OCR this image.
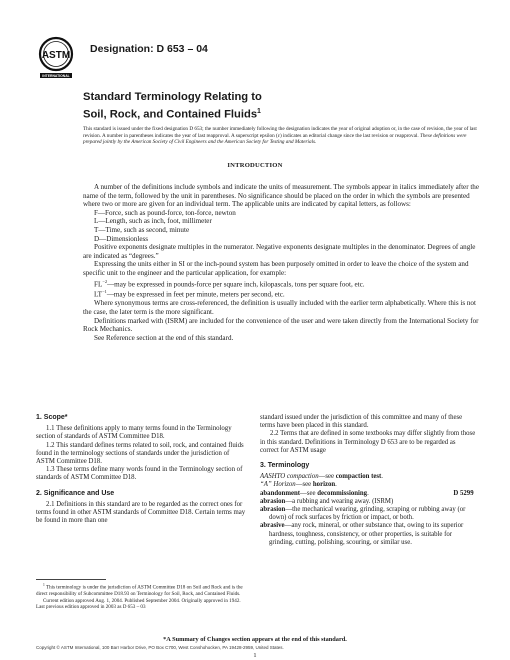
ASTM
INTERNATIONAL
Designation: D 653 – 04
Standard Terminology Relating to
Soil, Rock, and Contained Fluids$^1$
This standard is issued under the fixed designation D 653; the number immediately following the designation indicates the year of original adoption or, in the case of revision, the year of last revision. A number in parentheses indicates the year of last reapproval. A superscript epsilon (ε) indicates an editorial change since the last revision or reapproval. These definitions were prepared jointly by the American Society of Civil Engineers and the American Society for Testing and Materials.
INTRODUCTION

A number of the definitions include symbols and indicate the units of measurement. The symbols appear in italics immediately after the name of the term, followed by the unit in parentheses. No significance should be placed on the order in which the symbols are presented where two or more are given for an individual term. The applicable units are indicated by capital letters, as follows:

F—Force, such as pound-force, ton-force, newton

L—Length, such as inch, foot, millimeter

T—Time, such as second, minute

D—Dimensionless

Positive exponents designate multiples in the numerator. Negative exponents designate multiples in the denominator. Degrees of angle are indicated as “degrees.”

Expressing the units either in SI or the inch-pound system has been purposely omitted in order to leave the choice of the system and specific unit to the engineer and the particular application, for example:

$FL^{-2}—may$ be expressed in pounds-force per square inch, kilopascals, tons per square foot, etc.

$LT^{-1}—may$ be expressed in feet per minute, meters per second, etc.

Where synonymous terms are cross-referenced, the definition is usually included with the earlier term alphabetically. Where this is not the case, the later term is the more significant.

Definitions marked with (ISRM) are included for the convenience of the user and were taken directly from the International Society for Rock Mechanics.

See Reference section at the end of this standard.

1. Scope*

1.1 These definitions apply to many terms found in the Terminology section of standards of ASTM Committee D18.

1.2 This standard defines terms related to soil, rock, and contained fluids found in the terminology sections of standards under the jurisdiction of ASTM Committee D18.

1.3 These terms define many words found in the Terminology section of standards of ASTM Committee D18.

2. Significance and Use

2.1 Definitions in this standard are to be regarded as the correct ones for terms found in other ASTM standards of Committee D18. Certain terms may be found in more than one

standard issued under the jurisdiction of this committee and many of these terms have been placed in this standard.

2.2 Terms that are defined in some textbooks may differ slightly from those in this standard. Definitions in Terminology D 653 are to be regarded as correct for ASTM usage

3. Terminology

AASHTO compaction—see compaction test.

“A” Horizon—see horizon.

abandonment—see decommissioning.	D 5299

abrasion—a rubbing and wearing away. (ISRM)

abrasion—the mechanical wearing, grinding, scraping or rubbing away (or down) of rock surfaces by friction or impact, or both.

abrasive—any rock, mineral, or other substance that, owing to its superior hardness, toughness, consistency, or other properties, is suitable for grinding, cutting, polishing, scouring, or similar use.

$^1$ This terminology is under the jurisdiction of ASTM Committee D18 on Soil and Rock and is the direct responsibility of Subcommittee D18.93 on Terminology for Soil, Rock, and Contained Fluids.

Current edition approved Aug. 1, 2004. Published September 2004. Originally approved in 1942. Last previous edition approved in 2003 as D 653 – 03

*A Summary of Changes section appears at the end of this standard.
Copyright © ASTM International, 100 Barr Harbor Drive, PO Box C700, West Conshohocken, PA 19428-2959, United States.
1
